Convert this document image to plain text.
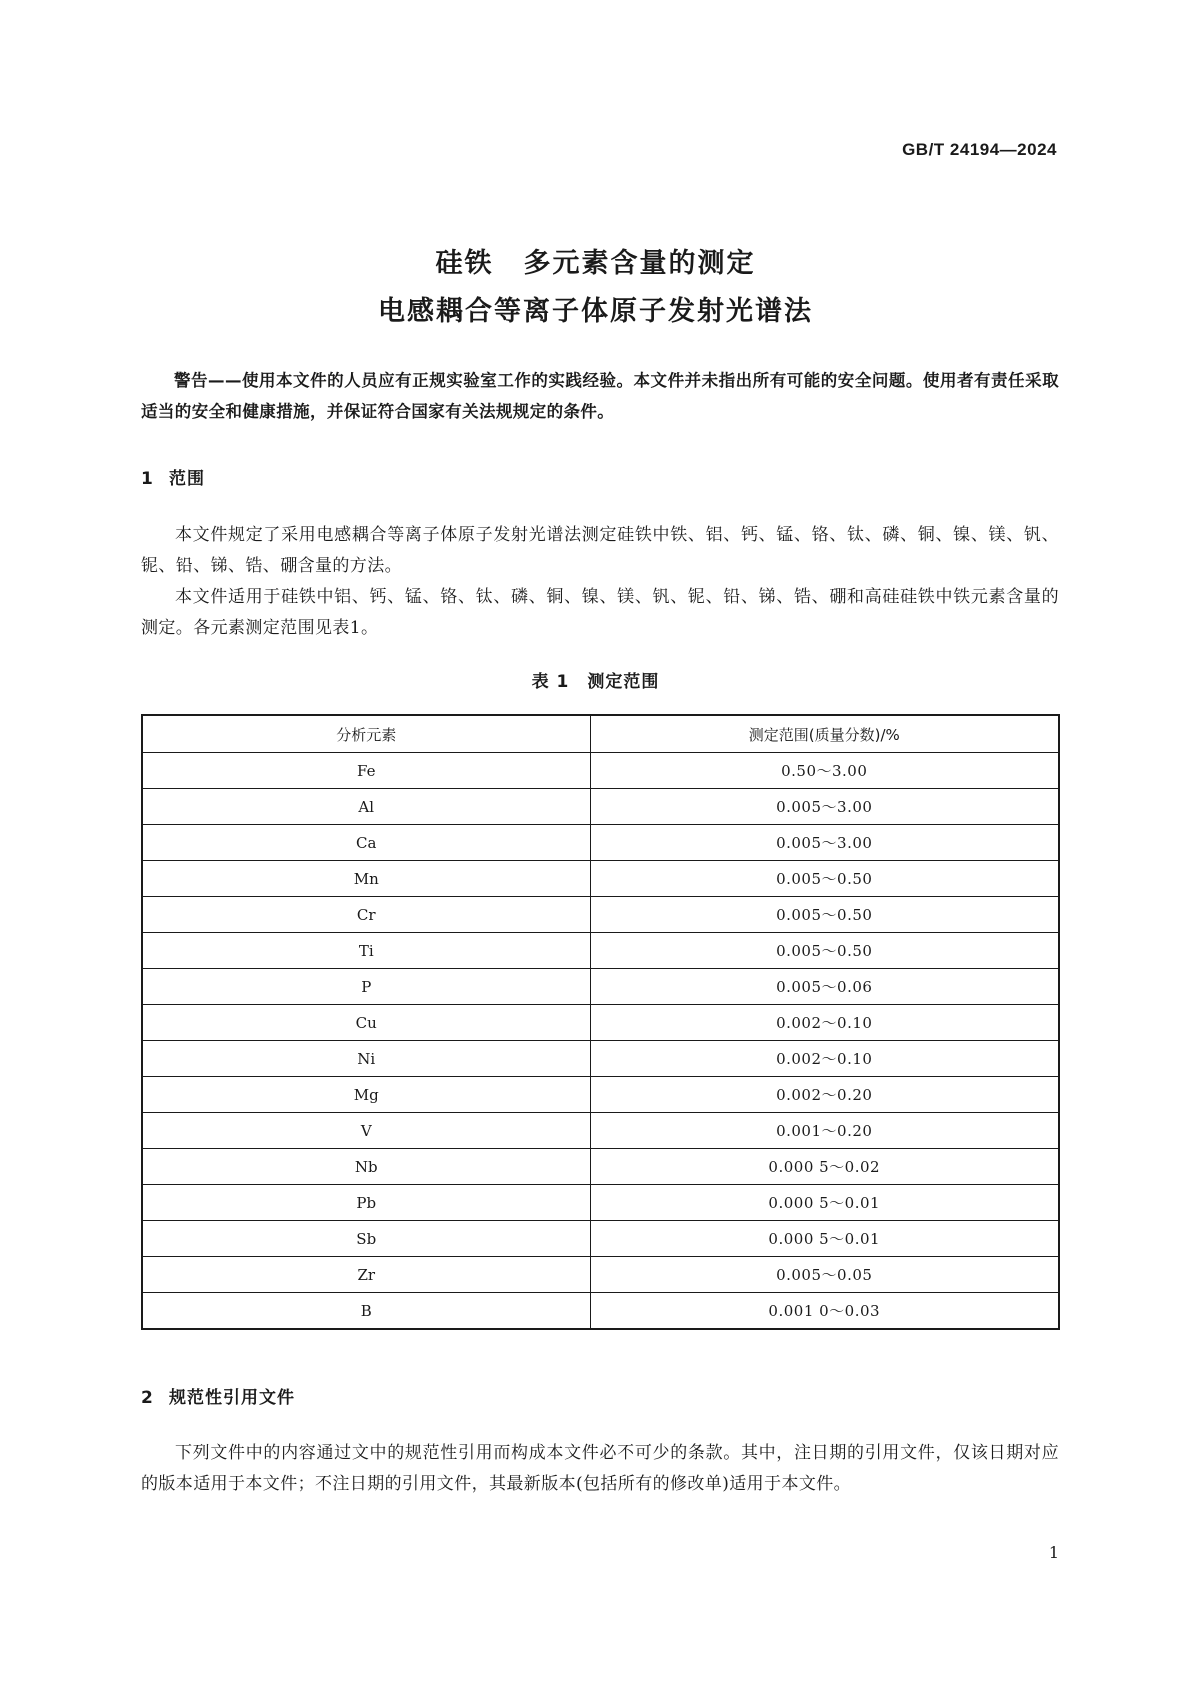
GB/T 24194—2024
硅铁 多元素含量的测定
电感耦合等离子体原子发射光谱法

警告——使用本文件的人员应有正规实验室工作的实践经验。本文件并未指出所有可能的安全问题。使用者有责任采取适当的安全和健康措施，并保证符合国家有关法规规定的条件。

1 范围

本文件规定了采用电感耦合等离子体原子发射光谱法测定硅铁中铁、铝、钙、锰、铬、钛、磷、铜、镍、镁、钒、铌、铅、锑、锆、硼含量的方法。

本文件适用于硅铁中铝、钙、锰、铬、钛、磷、铜、镍、镁、钒、铌、铅、锑、锆、硼和高硅硅铁中铁元素含量的测定。各元素测定范围见表1。

表 1 测定范围
分析元素	测定范围(质量分数)/%
Fe	0.50～3.00
Al	0.005～3.00
Ca	0.005～3.00
Mn	0.005～0.50
Cr	0.005～0.50
Ti	0.005～0.50
P	0.005～0.06
Cu	0.002～0.10
Ni	0.002～0.10
Mg	0.002～0.20
V	0.001～0.20
Nb	0.000 5～0.02
Pb	0.000 5～0.01
Sb	0.000 5～0.01
Zr	0.005～0.05
B	0.001 0～0.03
2 规范性引用文件

下列文件中的内容通过文中的规范性引用而构成本文件必不可少的条款。其中，注日期的引用文件，仅该日期对应的版本适用于本文件；不注日期的引用文件，其最新版本(包括所有的修改单)适用于本文件。

1
